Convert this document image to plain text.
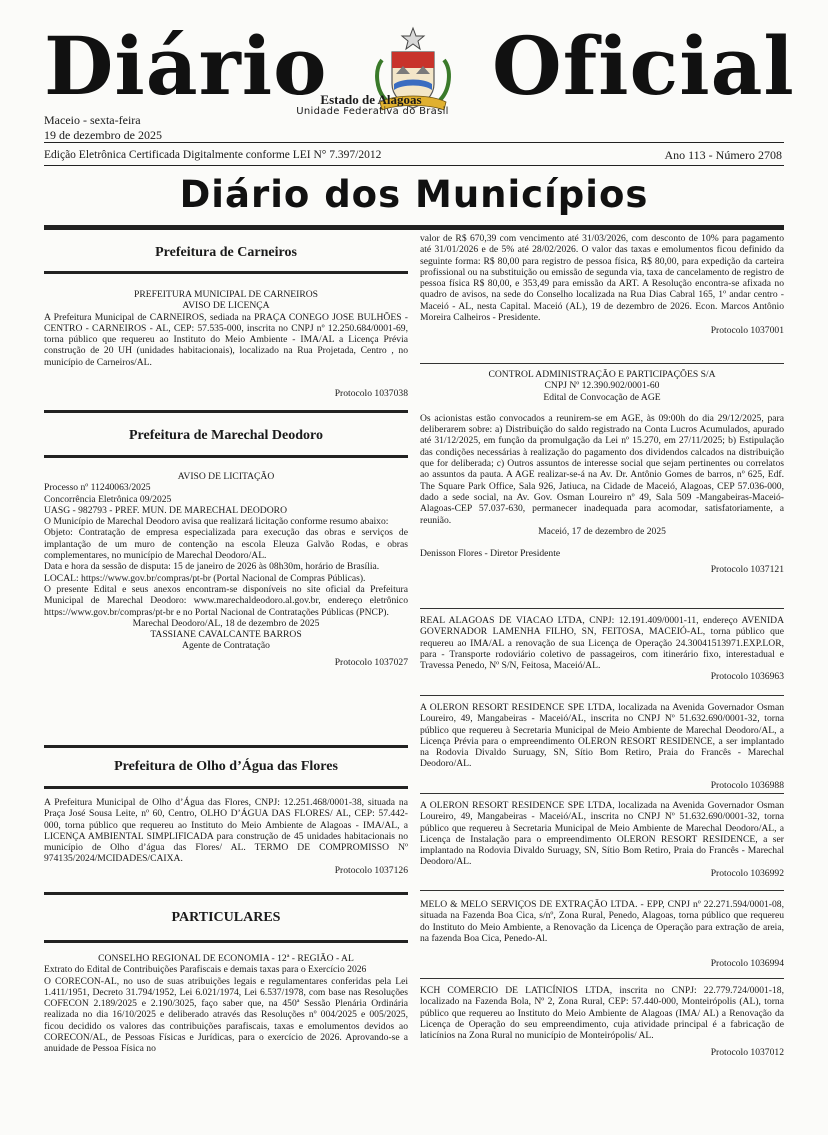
Diário Oficial
Estado de Alagoas
Unidade Federativa do Brasil
Maceio - sexta-feira
19 de dezembro de 2025
Edição Eletrônica Certificada Digitalmente conforme LEI N° 7.397/2012	Ano 113 - Número 2708
Diário dos Municípios
Prefeitura de Carneiros

PREFEITURA MUNICIPAL DE CARNEIROS

AVISO DE LICENÇA

A Prefeitura Municipal de CARNEIROS, sediada na PRAÇA CONEGO JOSE BULHÕES -CENTRO - CARNEIROS - AL, CEP: 57.535-000, inscrita no CNPJ nº 12.250.684/0001-69, torna público que requereu ao Instituto do Meio Ambiente - IMA/AL a Licença Prévia construção de 20 UH (unidades habitacionais), localizado na Rua Projetada, Centro , no município de Carneiros/AL.

Protocolo 1037038

Prefeitura de Marechal Deodoro

AVISO DE LICITAÇÃO

Processo nº 11240063/2025

Concorrência Eletrônica 09/2025

UASG - 982793 - PREF. MUN. DE MARECHAL DEODORO

O Município de Marechal Deodoro avisa que realizará licitação conforme resumo abaixo:

Objeto: Contratação de empresa especializada para execução das obras e serviços de implantação de um muro de contenção na escola Eleuza Galvão Rodas, e obras complementares, no município de Marechal Deodoro/AL.

Data e hora da sessão de disputa: 15 de janeiro de 2026 às 08h30m, horário de Brasília.

LOCAL: https://www.gov.br/compras/pt-br (Portal Nacional de Compras Públicas).

O presente Edital e seus anexos encontram-se disponíveis no site oficial da Prefeitura Municipal de Marechal Deodoro: www.marechaldeodoro.al.gov.br, endereço eletrônico https://www.gov.br/compras/pt-br e no Portal Nacional de Contratações Públicas (PNCP).

Marechal Deodoro/AL, 18 de dezembro de 2025

TASSIANE CAVALCANTE BARROS

Agente de Contratação

Protocolo 1037027

Prefeitura de Olho d’Água das Flores

A Prefeitura Municipal de Olho d’Água das Flores, CNPJ: 12.251.468/0001-38, situada na Praça José Sousa Leite, nº 60, Centro, OLHO D’ÁGUA DAS FLORES/ AL, CEP: 57.442-000, torna público que requereu ao Instituto do Meio Ambiente de Alagoas - IMA/AL, a LICENÇA AMBIENTAL SIMPLIFICADA para construção de 45 unidades habitacionais no município de Olho d’água das Flores/ AL. TERMO DE COMPROMISSO Nº 974135/2024/MCIDADES/CAIXA.

Protocolo 1037126

PARTICULARES

CONSELHO REGIONAL DE ECONOMIA - 12ª - REGIÃO - AL

Extrato do Edital de Contribuições Parafiscais e demais taxas para o Exercício 2026

O CORECON-AL, no uso de suas atribuições legais e regulamentares conferidas pela Lei 1.411/1951, Decreto 31.794/1952, Lei 6.021/1974, Lei 6.537/1978, com base nas Resoluções COFECON 2.189/2025 e 2.190/3025, faço saber que, na 450ª Sessão Plenária Ordinária realizada no dia 16/10/2025 e deliberado através das Resoluções nº 004/2025 e 005/2025, ficou decidido os valores das contribuições parafiscais, taxas e emolumentos devidos ao CORECON/AL, de Pessoas Físicas e Jurídicas, para o exercício de 2026. Aprovando-se a anuidade de Pessoa Física no

valor de R$ 670,39 com vencimento até 31/03/2026, com desconto de 10% para pagamento até 31/01/2026 e de 5% até 28/02/2026. O valor das taxas e emolumentos ficou definido da seguinte forma: R$ 80,00 para registro de pessoa física, R$ 80,00, para expedição da carteira profissional ou na substituição ou emissão de segunda via, taxa de cancelamento de registro de pessoa física R$ 80,00, e 353,49 para emissão da ART. A Resolução encontra-se afixada no quadro de avisos, na sede do Conselho localizada na Rua Dias Cabral 165, 1º andar centro - Maceió - AL, nesta Capital. Maceió (AL), 19 de dezembro de 2026. Econ. Marcos Antônio Moreira Calheiros - Presidente.

Protocolo 1037001

CONTROL ADMINISTRAÇÃO E PARTICIPAÇÕES S/A

CNPJ Nº 12.390.902/0001-60

Edital de Convocação de AGE

Os acionistas estão convocados a reunirem-se em AGE, às 09:00h do dia 29/12/2025, para deliberarem sobre: a) Distribuição do saldo registrado na Conta Lucros Acumulados, apurado até 31/12/2025, em função da promulgação da Lei nº 15.270, em 27/11/2025; b) Estipulação das condições necessárias à realização do pagamento dos dividendos calcados na distribuição que for deliberada; c) Outros assuntos de interesse social que sejam pertinentes ou correlatos ao assuntos da pauta. A AGE realizar-se-á na Av. Dr. Antônio Gomes de barros, nº 625, Edf. The Square Park Office, Sala 926, Jatiuca, na Cidade de Maceió, Alagoas, CEP 57.036-000, dado a sede social, na Av. Gov. Osman Loureiro nº 49, Sala 509 -Mangabeiras-Maceió-Alagoas-CEP 57.037-630, permanecer inadequada para acomodar, satisfatoriamente, a reunião.

Maceió, 17 de dezembro de 2025

Denisson Flores - Diretor Presidente

Protocolo 1037121

REAL ALAGOAS DE VIACAO LTDA, CNPJ: 12.191.409/0001-11, endereço AVENIDA GOVERNADOR LAMENHA FILHO, SN, FEITOSA, MACEIÓ-AL, torna público que requereu ao IMA/AL a renovação de sua Licença de Operação 24.30041513971.EXP.LOR, para - Transporte rodoviário coletivo de passageiros, com itinerário fixo, interestadual e Travessa Penedo, Nº S/N, Feitosa, Maceió/AL.

Protocolo 1036963

A OLERON RESORT RESIDENCE SPE LTDA, localizada na Avenida Governador Osman Loureiro, 49, Mangabeiras - Maceió/AL, inscrita no CNPJ Nº 51.632.690/0001-32, torna público que requereu à Secretaria Municipal de Meio Ambiente de Marechal Deodoro/AL, a Licença Prévia para o empreendimento OLERON RESORT RESIDENCE, a ser implantado na Rodovia Divaldo Suruagy, SN, Sítio Bom Retiro, Praia do Francês - Marechal Deodoro/AL.

Protocolo 1036988

A OLERON RESORT RESIDENCE SPE LTDA, localizada na Avenida Governador Osman Loureiro, 49, Mangabeiras - Maceió/AL, inscrita no CNPJ Nº 51.632.690/0001-32, torna público que requereu à Secretaria Municipal de Meio Ambiente de Marechal Deodoro/AL, a Licença de Instalação para o empreendimento OLERON RESORT RESIDENCE, a ser implantado na Rodovia Divaldo Suruagy, SN, Sítio Bom Retiro, Praia do Francês - Marechal Deodoro/AL.

Protocolo 1036992

MELO & MELO SERVIÇOS DE EXTRAÇÃO LTDA. - EPP, CNPJ nº 22.271.594/0001-08, situada na Fazenda Boa Cica, s/nº, Zona Rural, Penedo, Alagoas, torna público que requereu do Instituto do Meio Ambiente, a Renovação da Licença de Operação para extração de areia, na fazenda Boa Cica, Penedo-Al.

Protocolo 1036994

KCH COMERCIO DE LATICÍNIOS LTDA, inscrita no CNPJ: 22.779.724/0001-18, localizado na Fazenda Bola, Nº 2, Zona Rural, CEP: 57.440-000, Monteirópolis (AL), torna público que requereu ao Instituto do Meio Ambiente de Alagoas (IMA/ AL) a Renovação da Licença de Operação do seu empreendimento, cuja atividade principal é a fabricação de laticínios na Zona Rural no município de Monteirópolis/ AL.

Protocolo 1037012
